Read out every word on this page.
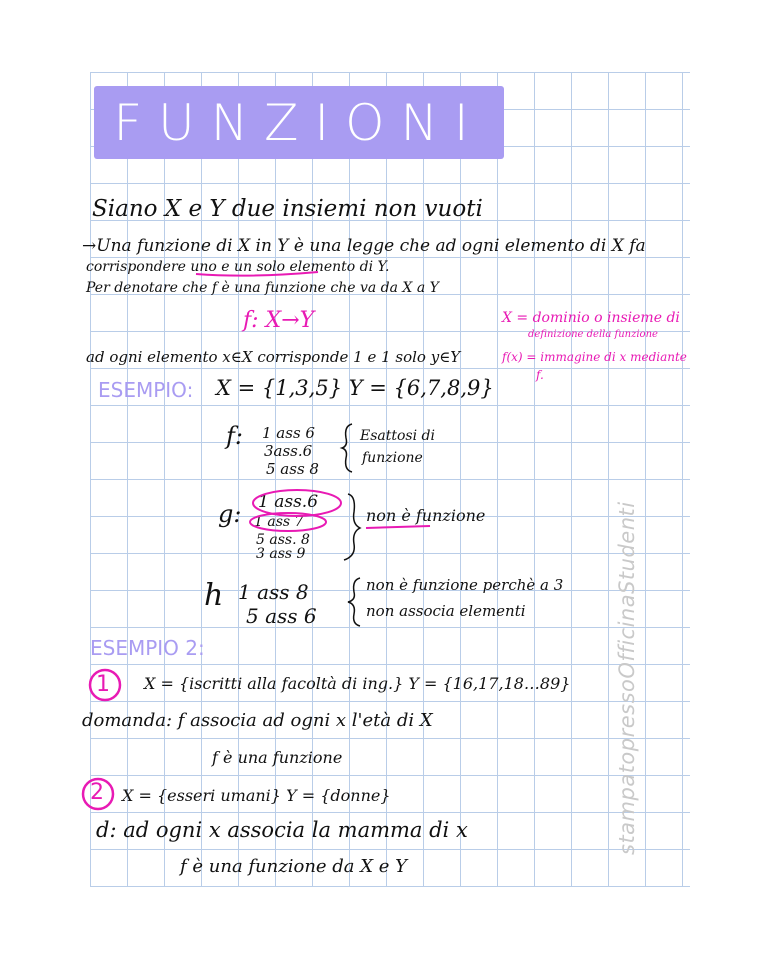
FUNZIONI
Siano X e Y due insiemi non vuoti
→Una funzione di X in Y è una legge che ad ogni elemento di X fa
corrispondere uno e un solo elemento di Y.
Per denotare che f è una funzione che va da X a Y
f: X→Y
ad ogni elemento x∈X corrisponde 1 e 1 solo y∈Y
X = dominio o insieme di
definizione della funzione
f(x) = immagine di x mediante
f.
ESEMPIO: X = {1,3,5} Y = {6,7,8,9}
f: 1 ass 6
3ass.6
5 ass 8
Esattosi di
funzione
g: 1 ass.6
1 ass 7
5 ass. 8
3 ass 9
non è funzione
h 1 ass 8
5 ass 6
non è funzione perchè a 3
non associa elementi
ESEMPIO 2:
1 X = {iscritti alla facoltà di ing.} Y = {16,17,18…89}
domanda: f associa ad ogni x l'età di X
f è una funzione
2 X = {esseri umani} Y = {donne}
d: ad ogni x associa la mamma di x
f è una funzione da X e Y
stampatopressoOfficinaStudenti
